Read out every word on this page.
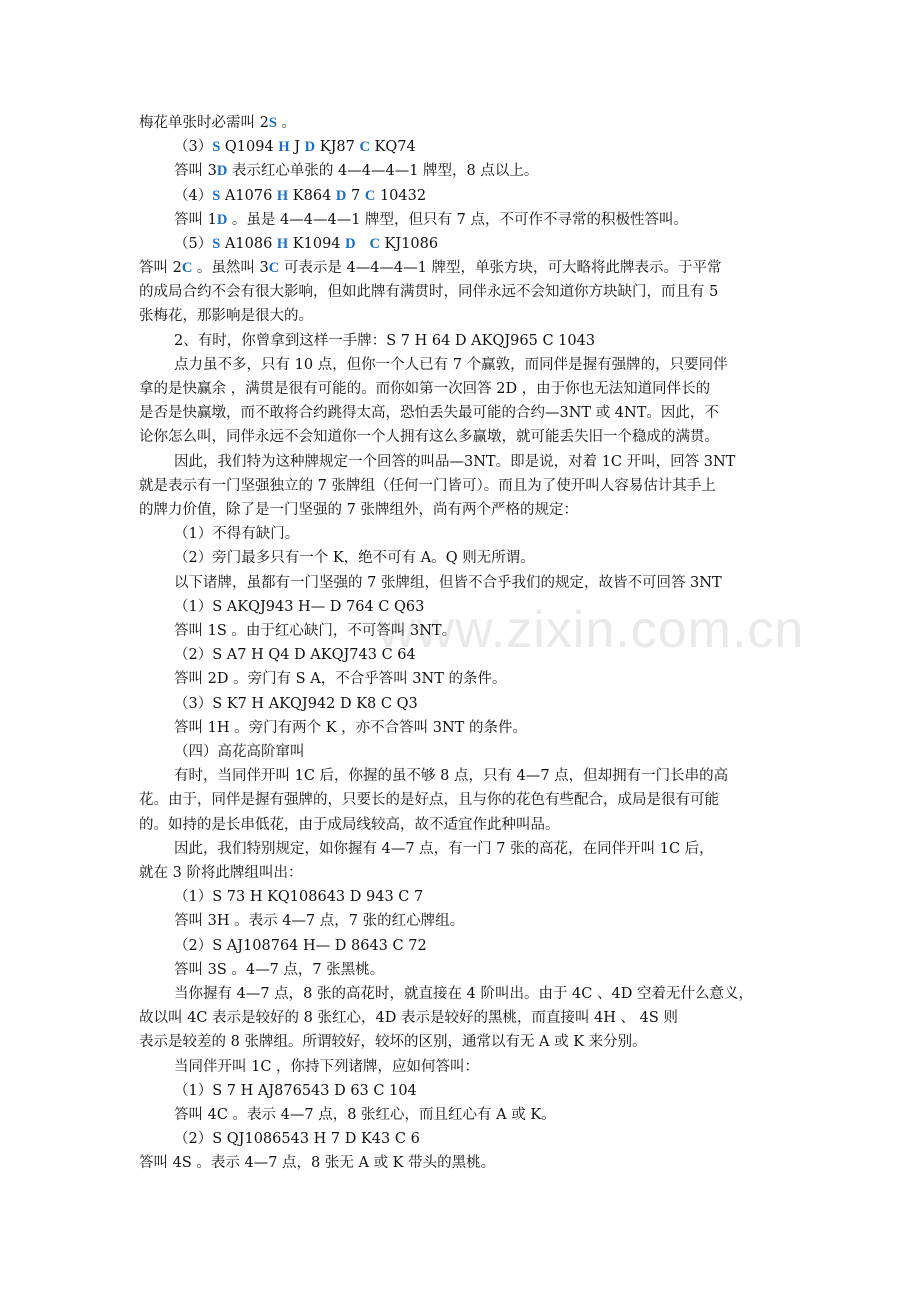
www.zixin.com.cn
梅花单张时必需叫 2S 。
（3）S Q1094 H J D KJ87 C KQ74
答叫 3D 表示红心单张的 4—4—4—1 牌型，8 点以上。
（4）S A1076 H K864 D 7 C 10432
答叫 1D 。虽是 4—4—4—1 牌型，但只有 7 点，不可作不寻常的积极性答叫。
（5）S A1086 H K1094 D C KJ1086
答叫 2C 。虽然叫 3C 可表示是 4—4—4—1 牌型，单张方块，可大略将此牌表示。于平常
的成局合约不会有很大影响，但如此牌有满贯时，同伴永远不会知道你方块缺门，而且有 5
张梅花，那影响是很大的。
2、有时，你曾拿到这样一手牌：S 7 H 64 D AKQJ965 C 1043
点力虽不多，只有 10 点，但你一个人已有 7 个赢敦，而同伴是握有强牌的，只要同伴
拿的是快赢余 ，满贯是很有可能的。而你如第一次回答 2D ，由于你也无法知道同伴长的
是否是快赢墩，而不敢将合约跳得太高，恐怕丢失最可能的合约—3NT 或 4NT。因此，不
论你怎么叫，同伴永远不会知道你一个人拥有这么多赢墩，就可能丢失旧一个稳成的满贯。
因此，我们特为这种牌规定一个回答的叫品—3NT。即是说，对着 1C 开叫，回答 3NT
就是表示有一门坚强独立的 7 张牌组（任何一门皆可）。而且为了使开叫人容易估计其手上
的牌力价值，除了是一门坚强的 7 张牌组外，尚有两个严格的规定：
（1）不得有缺门。
（2）旁门最多只有一个 K，绝不可有 A。Q 则无所谓。
以下诸牌，虽都有一门坚强的 7 张牌组，但皆不合乎我们的规定，故皆不可回答 3NT
（1）S AKQJ943 H— D 764 C Q63
答叫 1S 。由于红心缺门，不可答叫 3NT。
（2）S A7 H Q4 D AKQJ743 C 64
答叫 2D 。旁门有 S A，不合乎答叫 3NT 的条件。
（3）S K7 H AKQJ942 D K8 C Q3
答叫 1H 。旁门有两个 K ，亦不合答叫 3NT 的条件。
（四）高花高阶窜叫
有时，当同伴开叫 1C 后，你握的虽不够 8 点，只有 4—7 点，但却拥有一门长串的高
花。由于，同伴是握有强牌的，只要长的是好点，且与你的花色有些配合，成局是很有可能
的。如持的是长串低花，由于成局线较高，故不适宜作此种叫品。
因此，我们特别规定，如你握有 4—7 点，有一门 7 张的高花，在同伴开叫 1C 后，
就在 3 阶将此牌组叫出：
（1）S 73 H KQ108643 D 943 C 7
答叫 3H 。表示 4—7 点，7 张的红心牌组。
（2）S AJ108764 H— D 8643 C 72
答叫 3S 。4—7 点，7 张黑桃。
当你握有 4—7 点，8 张的高花时，就直接在 4 阶叫出。由于 4C 、4D 空着无什么意义，
故以叫 4C 表示是较好的 8 张红心，4D 表示是较好的黑桃，而直接叫 4H 、 4S 则
表示是较差的 8 张牌组。所谓较好，较坏的区别，通常以有无 A 或 K 来分别。
当同伴开叫 1C ，你持下列诸牌，应如何答叫：
（1）S 7 H AJ876543 D 63 C 104
答叫 4C 。表示 4—7 点，8 张红心，而且红心有 A 或 K。
（2）S QJ1086543 H 7 D K43 C 6
答叫 4S 。表示 4—7 点，8 张无 A 或 K 带头的黑桃。
